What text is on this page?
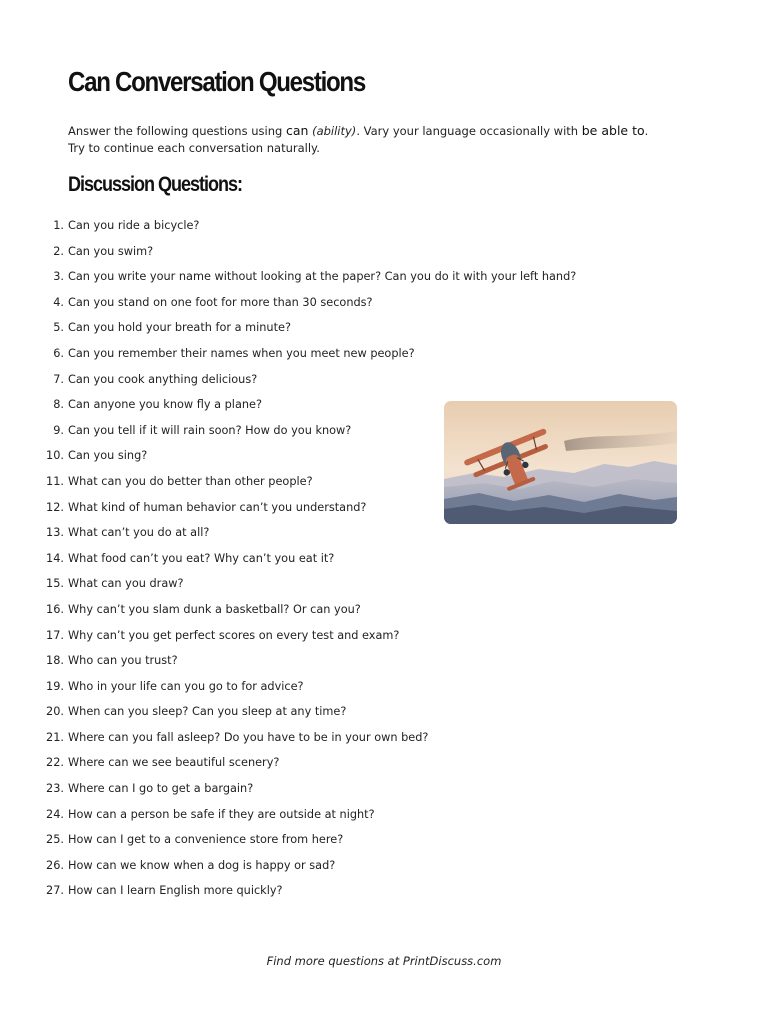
Can Conversation Questions

Answer the following questions using can (ability). Vary your language occasionally with be able to. Try to continue each conversation naturally.

Discussion Questions:
1. Can you ride a bicycle?
2. Can you swim?
3. Can you write your name without looking at the paper? Can you do it with your left hand?
4. Can you stand on one foot for more than 30 seconds?
5. Can you hold your breath for a minute?
6. Can you remember their names when you meet new people?
7. Can you cook anything delicious?
8. Can anyone you know fly a plane?
9. Can you tell if it will rain soon? How do you know?
10. Can you sing?
11. What can you do better than other people?
12. What kind of human behavior can’t you understand?
13. What can’t you do at all?
14. What food can’t you eat? Why can’t you eat it?
15. What can you draw?
16. Why can’t you slam dunk a basketball? Or can you?
17. Why can’t you get perfect scores on every test and exam?
18. Who can you trust?
19. Who in your life can you go to for advice?
20. When can you sleep? Can you sleep at any time?
21. Where can you fall asleep? Do you have to be in your own bed?
22. Where can we see beautiful scenery?
23. Where can I go to get a bargain?
24. How can a person be safe if they are outside at night?
25. How can I get to a convenience store from here?
26. How can we know when a dog is happy or sad?
27. How can I learn English more quickly?
Find more questions at PrintDiscuss.com
